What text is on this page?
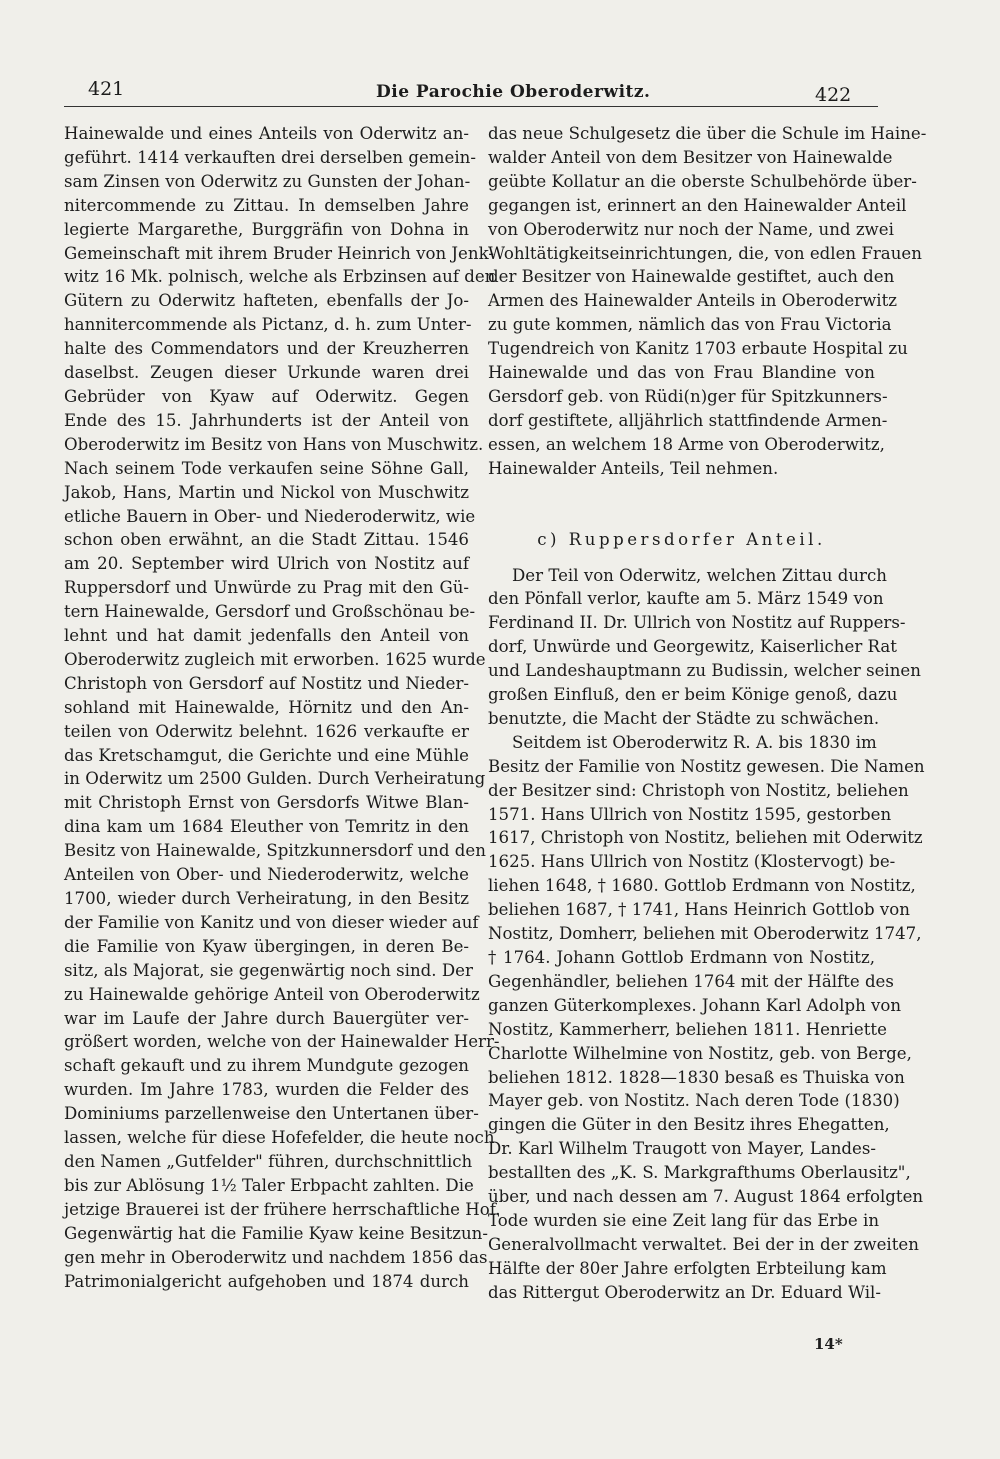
421	Die Parochie Oberoderwitz.	422
Hainewalde und eines Anteils von Oderwitz an-
geführt. 1414 verkauften drei derselben gemein-
sam Zinsen von Oderwitz zu Gunsten der Johan-
nitercommende zu Zittau. In demselben Jahre
legierte Margarethe, Burggräfin von Dohna in
Gemeinschaft mit ihrem Bruder Heinrich von Jenk-
witz 16 Mk. polnisch, welche als Erbzinsen auf den
Gütern zu Oderwitz hafteten, ebenfalls der Jo-
hannitercommende als Pictanz, d. h. zum Unter-
halte des Commendators und der Kreuzherren
daselbst. Zeugen dieser Urkunde waren drei
Gebrüder von Kyaw auf Oderwitz. Gegen
Ende des 15. Jahrhunderts ist der Anteil von
Oberoderwitz im Besitz von Hans von Muschwitz.
Nach seinem Tode verkaufen seine Söhne Gall,
Jakob, Hans, Martin und Nickol von Muschwitz
etliche Bauern in Ober- und Niederoderwitz, wie
schon oben erwähnt, an die Stadt Zittau. 1546
am 20. September wird Ulrich von Nostitz auf
Ruppersdorf und Unwürde zu Prag mit den Gü-
tern Hainewalde, Gersdorf und Großschönau be-
lehnt und hat damit jedenfalls den Anteil von
Oberoderwitz zugleich mit erworben. 1625 wurde
Christoph von Gersdorf auf Nostitz und Nieder-
sohland mit Hainewalde, Hörnitz und den An-
teilen von Oderwitz belehnt. 1626 verkaufte er
das Kretschamgut, die Gerichte und eine Mühle
in Oderwitz um 2500 Gulden. Durch Verheiratung
mit Christoph Ernst von Gersdorfs Witwe Blan-
dina kam um 1684 Eleuther von Temritz in den
Besitz von Hainewalde, Spitzkunnersdorf und den
Anteilen von Ober- und Niederoderwitz, welche
1700, wieder durch Verheiratung, in den Besitz
der Familie von Kanitz und von dieser wieder auf
die Familie von Kyaw übergingen, in deren Be-
sitz, als Majorat, sie gegenwärtig noch sind. Der
zu Hainewalde gehörige Anteil von Oberoderwitz
war im Laufe der Jahre durch Bauergüter ver-
größert worden, welche von der Hainewalder Herr-
schaft gekauft und zu ihrem Mundgute gezogen
wurden. Im Jahre 1783, wurden die Felder des
Dominiums parzellenweise den Untertanen über-
lassen, welche für diese Hofefelder, die heute noch
den Namen „Gutfelder" führen, durchschnittlich
bis zur Ablösung 1½ Taler Erbpacht zahlten. Die
jetzige Brauerei ist der frühere herrschaftliche Hof.
Gegenwärtig hat die Familie Kyaw keine Besitzun-
gen mehr in Oberoderwitz und nachdem 1856 das
Patrimonialgericht aufgehoben und 1874 durch
das neue Schulgesetz die über die Schule im Haine-
walder Anteil von dem Besitzer von Hainewalde
geübte Kollatur an die oberste Schulbehörde über-
gegangen ist, erinnert an den Hainewalder Anteil
von Oberoderwitz nur noch der Name, und zwei
Wohltätigkeitseinrichtungen, die, von edlen Frauen
der Besitzer von Hainewalde gestiftet, auch den
Armen des Hainewalder Anteils in Oberoderwitz
zu gute kommen, nämlich das von Frau Victoria
Tugendreich von Kanitz 1703 erbaute Hospital zu
Hainewalde und das von Frau Blandine von
Gersdorf geb. von Rüdi(n)ger für Spitzkunners-
dorf gestiftete, alljährlich stattfindende Armen-
essen, an welchem 18 Arme von Oberoderwitz,
Hainewalder Anteils, Teil nehmen.
c) Ruppersdorfer Anteil.
Der Teil von Oderwitz, welchen Zittau durch
den Pönfall verlor, kaufte am 5. März 1549 von
Ferdinand II. Dr. Ullrich von Nostitz auf Ruppers-
dorf, Unwürde und Georgewitz, Kaiserlicher Rat
und Landeshauptmann zu Budissin, welcher seinen
großen Einfluß, den er beim Könige genoß, dazu
benutzte, die Macht der Städte zu schwächen.
Seitdem ist Oberoderwitz R. A. bis 1830 im
Besitz der Familie von Nostitz gewesen. Die Namen
der Besitzer sind: Christoph von Nostitz, beliehen
1571. Hans Ullrich von Nostitz 1595, gestorben
1617, Christoph von Nostitz, beliehen mit Oderwitz
1625. Hans Ullrich von Nostitz (Klostervogt) be-
liehen 1648, † 1680. Gottlob Erdmann von Nostitz,
beliehen 1687, † 1741, Hans Heinrich Gottlob von
Nostitz, Domherr, beliehen mit Oberoderwitz 1747,
† 1764. Johann Gottlob Erdmann von Nostitz,
Gegenhändler, beliehen 1764 mit der Hälfte des
ganzen Güterkomplexes. Johann Karl Adolph von
Nostitz, Kammerherr, beliehen 1811. Henriette
Charlotte Wilhelmine von Nostitz, geb. von Berge,
beliehen 1812. 1828—1830 besaß es Thuiska von
Mayer geb. von Nostitz. Nach deren Tode (1830)
gingen die Güter in den Besitz ihres Ehegatten,
Dr. Karl Wilhelm Traugott von Mayer, Landes-
bestallten des „K. S. Markgrafthums Oberlausitz",
über, und nach dessen am 7. August 1864 erfolgten
Tode wurden sie eine Zeit lang für das Erbe in
Generalvollmacht verwaltet. Bei der in der zweiten
Hälfte der 80er Jahre erfolgten Erbteilung kam
das Rittergut Oberoderwitz an Dr. Eduard Wil-
14*
